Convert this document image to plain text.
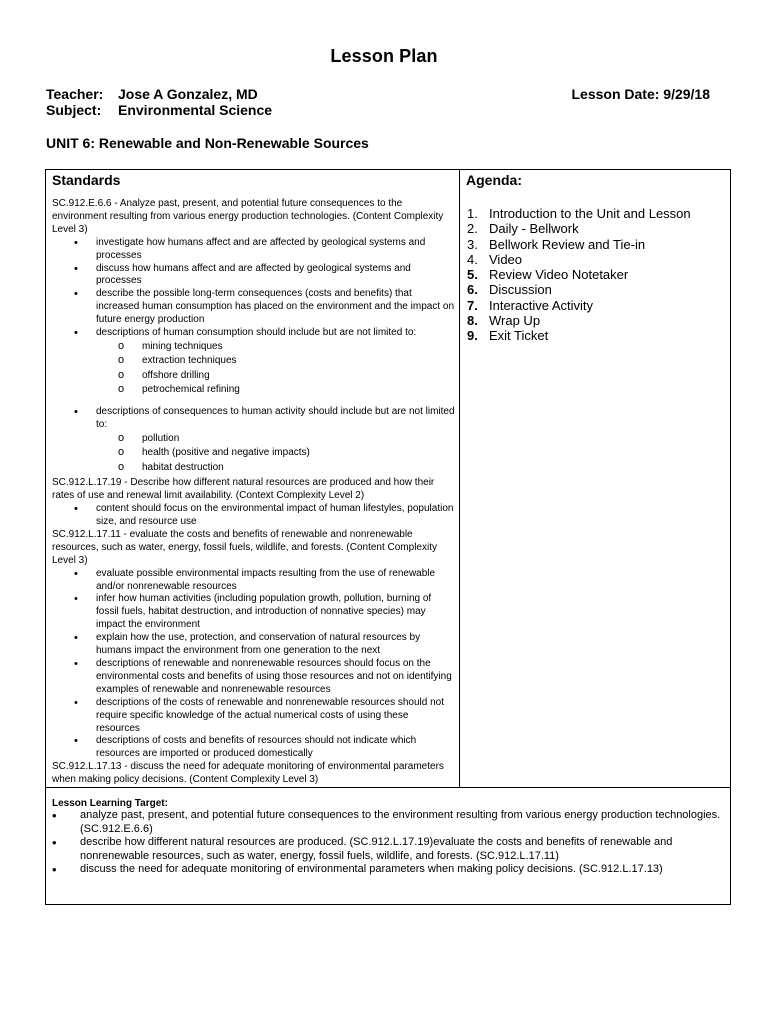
Lesson Plan
Teacher: Jose A Gonzalez, MD	Lesson Date: 9/29/18
Subject: Environmental Science
UNIT 6: Renewable and Non-Renewable Sources
Standards
SC.912.E.6.6 - Analyze past, present, and potential future consequences to the environment resulting from various energy production technologies. (Content Complexity Level 3)
• investigate how humans affect and are affected by geological systems and processes
• discuss how humans affect and are affected by geological systems and processes
• describe the possible long-term consequences (costs and benefits) that increased human consumption has placed on the environment and the impact on future energy production
• descriptions of human consumption should include but are not limited to:
o mining techniques
o extraction techniques
o offshore drilling
o petrochemical refining
• descriptions of consequences to human activity should include but are not limited to:
o pollution
o health (positive and negative impacts)
o habitat destruction
SC.912.L.17.19 - Describe how different natural resources are produced and how their rates of use and renewal limit availability. (Context Complexity Level 2)
• content should focus on the environmental impact of human lifestyles, population size, and resource use
SC.912.L.17.11 - evaluate the costs and benefits of renewable and nonrenewable resources, such as water, energy, fossil fuels, wildlife, and forests. (Content Complexity Level 3)
• evaluate possible environmental impacts resulting from the use of renewable and/or nonrenewable resources
• infer how human activities (including population growth, pollution, burning of fossil fuels, habitat destruction, and introduction of nonnative species) may impact the environment
• explain how the use, protection, and conservation of natural resources by humans impact the environment from one generation to the next
• descriptions of renewable and nonrenewable resources should focus on the environmental costs and benefits of using those resources and not on identifying examples of renewable and nonrenewable resources
• descriptions of the costs of renewable and nonrenewable resources should not require specific knowledge of the actual numerical costs of using these resources
• descriptions of costs and benefits of resources should not indicate which resources are imported or produced domestically
SC.912.L.17.13 - discuss the need for adequate monitoring of environmental parameters when making policy decisions. (Content Complexity Level 3)

Agenda:
1. Introduction to the Unit and Lesson
2. Daily - Bellwork
3. Bellwork Review and Tie-in
4. Video
5. Review Video Notetaker
6. Discussion
7. Interactive Activity
8. Wrap Up
9. Exit Ticket

Lesson Learning Target:
• analyze past, present, and potential future consequences to the environment resulting from various energy production technologies. (SC.912.E.6.6)
• describe how different natural resources are produced. (SC.912.L.17.19)evaluate the costs and benefits of renewable and nonrenewable resources, such as water, energy, fossil fuels, wildlife, and forests. (SC.912.L.17.11)
• discuss the need for adequate monitoring of environmental parameters when making policy decisions. (SC.912.L.17.13)
